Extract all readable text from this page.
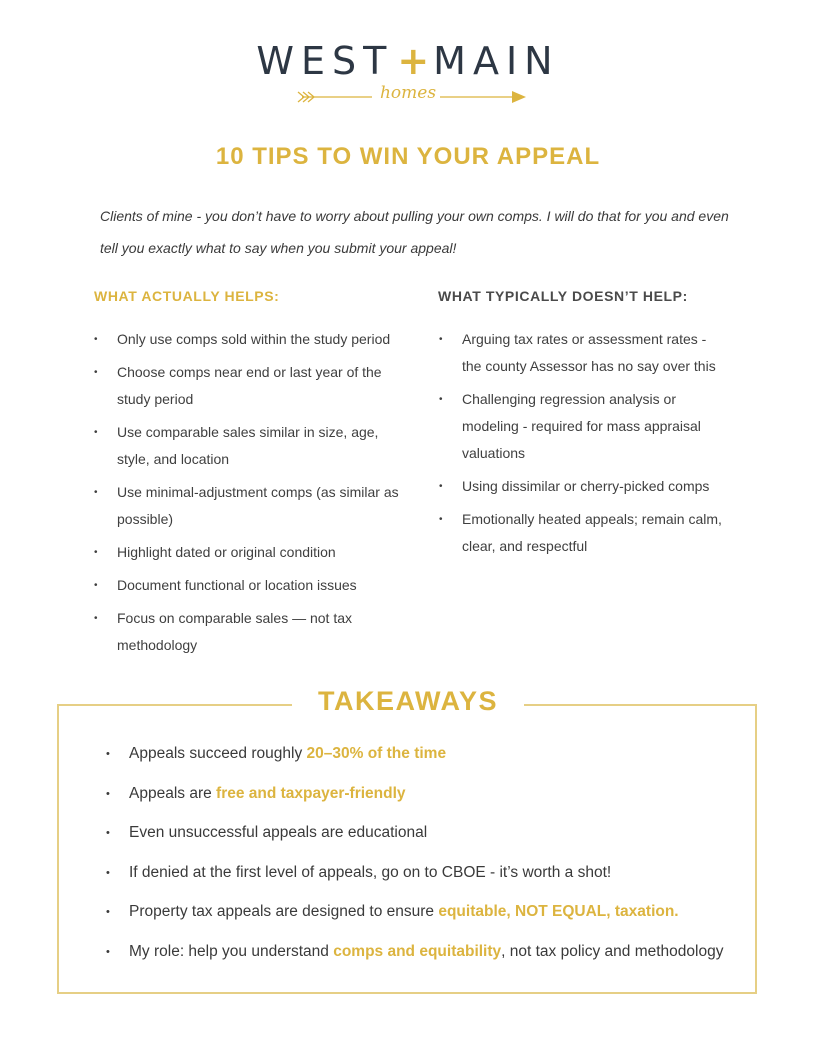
WEST + MAIN
homes
10 TIPS TO WIN YOUR APPEAL
Clients of mine - you don’t have to worry about pulling your own comps. I will do that for you and even tell you exactly what to say when you submit your appeal!
WHAT ACTUALLY HELPS:	WHAT TYPICALLY DOESN’T HELP:
• Only use comps sold within the study period
• Choose comps near end or last year of the study period
• Use comparable sales similar in size, age, style, and location
• Use minimal-adjustment comps (as similar as possible)
• Highlight dated or original condition
• Document functional or location issues
• Focus on comparable sales — not tax methodology
• Arguing tax rates or assessment rates - the county Assessor has no say over this
• Challenging regression analysis or modeling - required for mass appraisal valuations
• Using dissimilar or cherry-picked comps
• Emotionally heated appeals; remain calm, clear, and respectful
TAKEAWAYS
• Appeals succeed roughly 20–30% of the time
• Appeals are free and taxpayer-friendly
• Even unsuccessful appeals are educational
• If denied at the first level of appeals, go on to CBOE - it’s worth a shot!
• Property tax appeals are designed to ensure equitable, NOT EQUAL, taxation.
• My role: help you understand comps and equitability, not tax policy and methodology
